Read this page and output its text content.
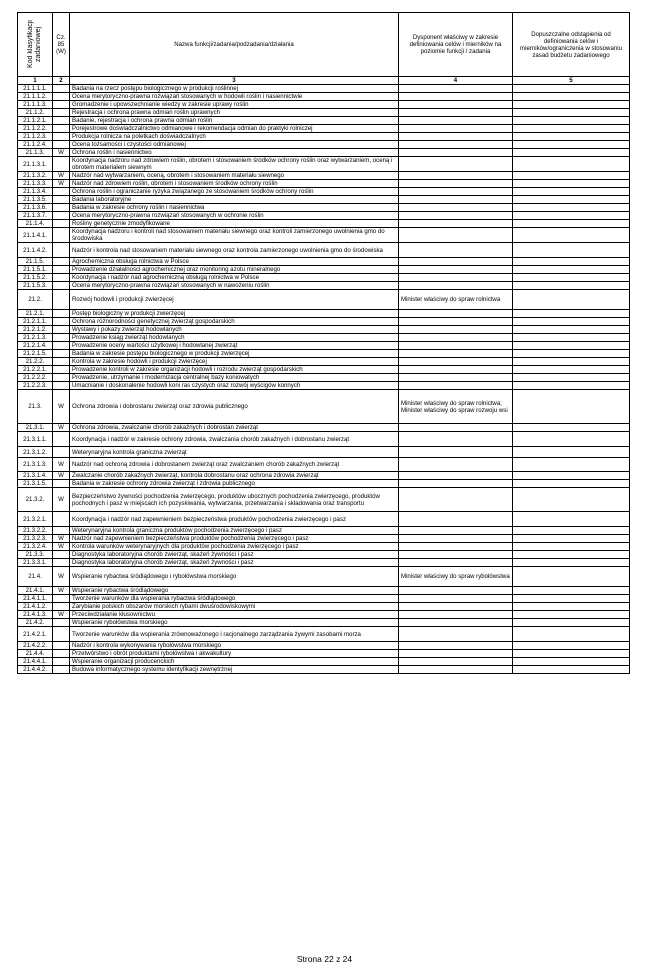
Kod klasyfikacji zadaniowej	Cz. 85 (W)	Nazwa funkcji/zadania/podzadania/działania	Dysponent właściwy w zakresie definiowania celów i mierników na poziomie funkcji / zadania	Dopuszczalne odstąpienia od definiowania celów i mierników/ograniczenia w stosowaniu zasad budżetu zadaniowego
1	2	3	4	5
21.1.1.1.		Badania na rzecz postępu biologicznego w produkcji roślinnej		
21.1.1.2.		Ocena merytoryczno-prawna rozwiązań stosowanych w hodowli roślin i nasiennictwie		
21.1.1.3.		Gromadzenie i upowszechnianie wiedzy w zakresie uprawy roślin		
21.1.2.		Rejestracja i ochrona prawna odmian roślin uprawnych		
21.1.2.1.		Badanie, rejestracja i ochrona prawna odmian roślin		
21.1.2.2.		Porejestrowe doświadczalnictwo odmianowe i rekomendacja odmian do praktyki rolniczej		
21.1.2.3.		Produkcja rolnicza na poletkach doświadczalnych		
21.1.2.4.		Ocena tożsamości i czystości odmianowej		
21.1.3.	W	Ochrona roślin i nasiennictwo		
21.1.3.1.		Koordynacja nadzoru nad zdrowiem roślin, obrotem i stosowaniem środków ochrony roślin oraz wytwarzaniem, oceną i obrotem materiałem siewnym		
21.1.3.2.	W	Nadzór nad wytwarzaniem, oceną, obrotem i stosowaniem materiału siewnego		
21.1.3.3.	W	Nadzór nad zdrowiem roślin, obrotem i stosowaniem środków ochrony roślin		
21.1.3.4.		Ochrona roślin i ograniczanie ryzyka związanego ze stosowaniem środków ochrony roślin		
21.1.3.5.		Badania laboratoryjne		
21.1.3.6.		Badania w zakresie ochrony roślin i nasiennictwa		
21.1.3.7.		Ocena merytoryczno-prawna rozwiązań stosowanych w ochronie roślin		
21.1.4.		Rośliny genetycznie zmodyfikowane		
21.1.4.1.		Koordynacja nadzoru i kontroli nad stosowaniem materiału siewnego oraz kontroli zamierzonego uwolnienia gmo do środowiska		
21.1.4.2.		Nadzór i kontrola nad stosowaniem materiału siewnego oraz kontrola zamierzonego uwolnienia gmo do środowiska		
21.1.5.		Agrochemiczna obsługa rolnictwa w Polsce		
21.1.5.1.		Prowadzenie działalności agrochemicznej oraz monitoring azotu mineralnego		
21.1.5.2.		Koordynacja i nadzór nad agrochemiczną obsługą rolnictwa w Polsce		
21.1.5.3.		Ocena merytoryczno-prawna rozwiązań stosowanych w nawożeniu roślin		
21.2.		Rozwój hodowli i produkcji zwierzęcej	Minister właściwy do spraw rolnictwa	
21.2.1.		Postęp biologiczny w produkcji zwierzęcej		
21.2.1.1.		Ochrona różnorodności genetycznej zwierząt gospodarskich		
21.2.1.2.		Wystawy i pokazy zwierząt hodowlanych		
21.2.1.3.		Prowadzenie ksiąg zwierząt hodowlanych		
21.2.1.4.		Prowadzenie oceny wartości użytkowej i hodowlanej zwierząt		
21.2.1.5.		Badania w zakresie postępu biologicznego w produkcji zwierzęcej		
21.2.2.		Kontrola w zakresie hodowli i produkcji zwierzęcej		
21.2.2.1.		Prowadzenie kontroli w zakresie organizacji hodowli i rozrodu zwierząt gospodarskich		
21.2.2.2.		Prowadzenie, utrzymanie i modernizacja centralnej bazy koniowatych		
21.2.2.3.		Umacnianie i doskonalenie hodowli koni ras czystych oraz rozwój wyścigów konnych		
21.3.	W	Ochrona zdrowia i dobrostanu zwierząt oraz zdrowia publicznego	Minister właściwy do spraw rolnictwa;
Minister właściwy do spraw rozwoju wsi	
21.3.1.	W	Ochrona zdrowia, zwalczanie chorób zakaźnych i dobrostan zwierząt		
21.3.1.1.		Koordynacja i nadzór w zakresie ochrony zdrowia, zwalczania chorób zakaźnych i dobrostanu zwierząt		
21.3.1.2.		Weterynaryjna kontrola graniczna zwierząt		
21.3.1.3.	W	Nadzór nad ochroną zdrowia i dobrostanem zwierząt oraz zwalczaniem chorób zakaźnych zwierząt		
21.3.1.4.	W	Zwalczanie chorób zakaźnych zwierząt, kontrola dobrostanu oraz ochrona zdrowia zwierząt		
21.3.1.5.		Badania w zakresie ochrony zdrowia zwierząt i zdrowia publicznego		
21.3.2.	W	Bezpieczeństwo żywności pochodzenia zwierzęcego, produktów ubocznych pochodzenia zwierzęcego, produktów pochodnych i pasz w miejscach ich pozyskiwania, wytwarzania, przetwarzania i składowania oraz transportu		
21.3.2.1.		Koordynacja i nadzór nad zapewnieniem bezpieczeństwa produktów pochodzenia zwierzęcego i pasz		
21.3.2.2.		Weterynaryjna kontrola graniczna produktów pochodzenia zwierzęcego i pasz		
21.3.2.3.	W	Nadzór nad zapewnieniem bezpieczeństwa produktów pochodzenia zwierzęcego i pasz		
21.3.2.4.	W	Kontrola warunków weterynaryjnych dla produktów pochodzenia zwierzęcego i pasz		
21.3.3.		Diagnostyka laboratoryjna chorób zwierząt, skażeń żywności i pasz		
21.3.3.1.		Diagnostyka laboratoryjna chorób zwierząt, skażeń żywności i pasz		
21.4.	W	Wspieranie rybactwa śródlądowego i rybołówstwa morskiego	Minister właściwy do spraw rybołówstwa	
21.4.1.	W	Wspieranie rybactwa śródlądowego		
21.4.1.1.		Tworzenie warunków dla wspierania rybactwa śródlądowego		
21.4.1.2.		Zarybianie polskich obszarów morskich rybami dwuśrodowiskowymi		
21.4.1.3.	W	Przeciwdziałanie kłusownictwu		
21.4.2.		Wspieranie rybołówstwa morskiego		
21.4.2.1.		Tworzenie warunków dla wspierania zrównoważonego i racjonalnego zarządzania żywymi zasobami morza		
21.4.2.2.		Nadzór i kontrola wykonywania rybołówstwa morskiego		
21.4.4.		Przetwórstwo i obrót produktami rybołówstwa i akwakultury		
21.4.4.1.		Wspieranie organizacji producenckich		
21.4.4.2.		Budowa informatycznego systemu identyfikacji zewnętrznej		
Strona 22 z 24
